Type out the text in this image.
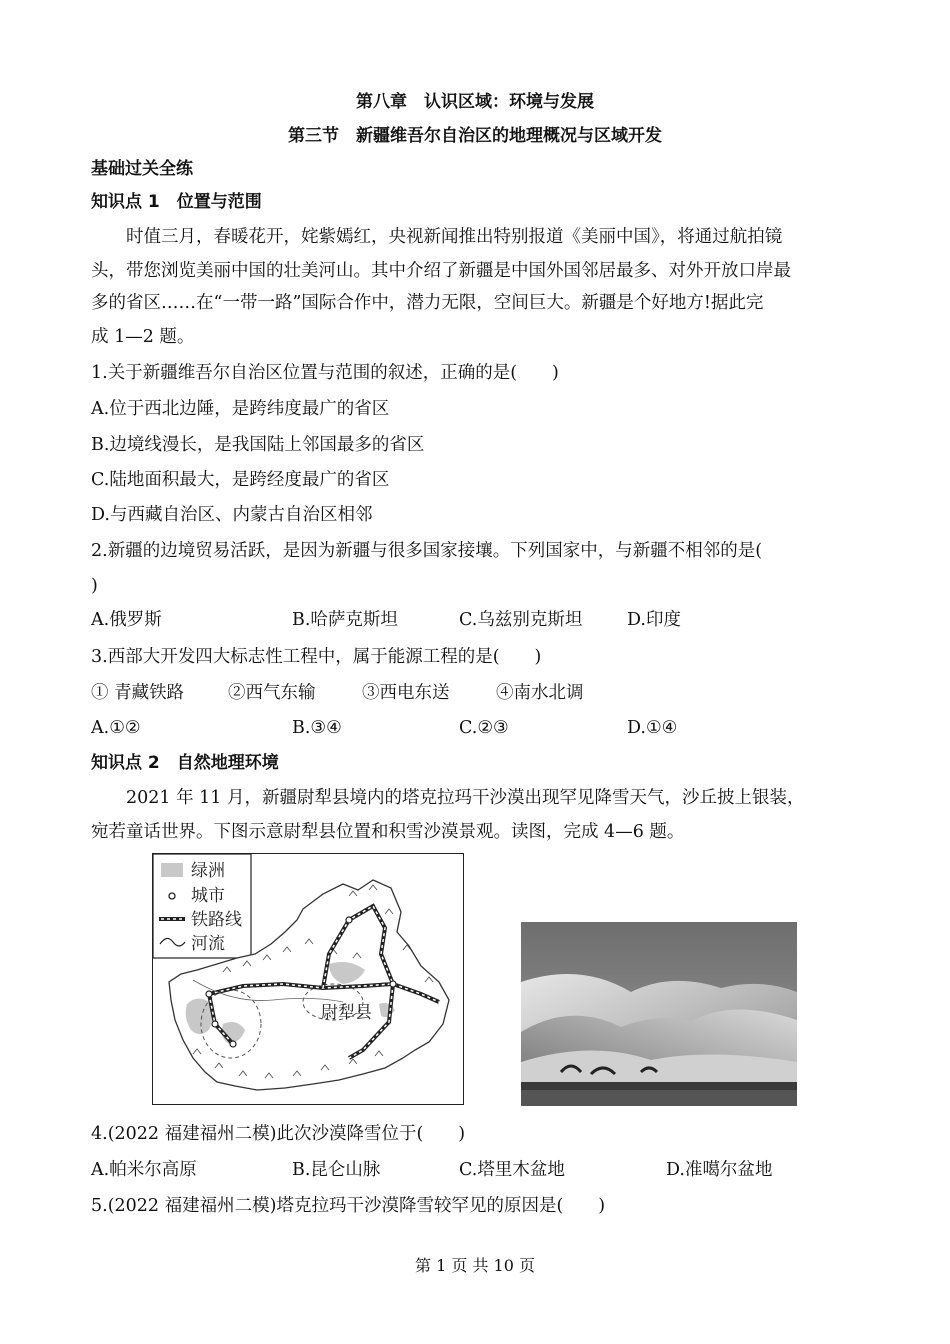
第八章　认识区域：环境与发展
第三节　新疆维吾尔自治区的地理概况与区域开发
基础过关全练
知识点 1　位置与范围
时值三月，春暖花开，姹紫嫣红，央视新闻推出特别报道《美丽中国》，将通过航拍镜
头，带您浏览美丽中国的壮美河山。其中介绍了新疆是中国外国邻居最多、对外开放口岸最
多的省区……在“一带一路”国际合作中，潜力无限，空间巨大。新疆是个好地方!据此完
成 1—2 题。
1.关于新疆维吾尔自治区位置与范围的叙述，正确的是(　　)
A.位于西北边陲，是跨纬度最广的省区
B.边境线漫长，是我国陆上邻国最多的省区
C.陆地面积最大，是跨经度最广的省区
D.与西藏自治区、内蒙古自治区相邻
2.新疆的边境贸易活跃，是因为新疆与很多国家接壤。下列国家中，与新疆不相邻的是(
)
A.俄罗斯	B.哈萨克斯坦	C.乌兹别克斯坦	D.印度
3.西部大开发四大标志性工程中，属于能源工程的是(　　)
① 青藏铁路	②西气东输	③西电东送	④南水北调
A.①②	B.③④	C.②③	D.①④
知识点 2　自然地理环境
2021 年 11 月，新疆尉犁县境内的塔克拉玛干沙漠出现罕见降雪天气，沙丘披上银装，
宛若童话世界。下图示意尉犁县位置和积雪沙漠景观。读图，完成 4—6 题。
绿洲
城市
铁路线
河流
尉犁县
4.(2022 福建福州二模)此次沙漠降雪位于(　　)
A.帕米尔高原	B.昆仑山脉	C.塔里木盆地	D.准噶尔盆地
5.(2022 福建福州二模)塔克拉玛干沙漠降雪较罕见的原因是(　　)
第 1 页 共 10 页
